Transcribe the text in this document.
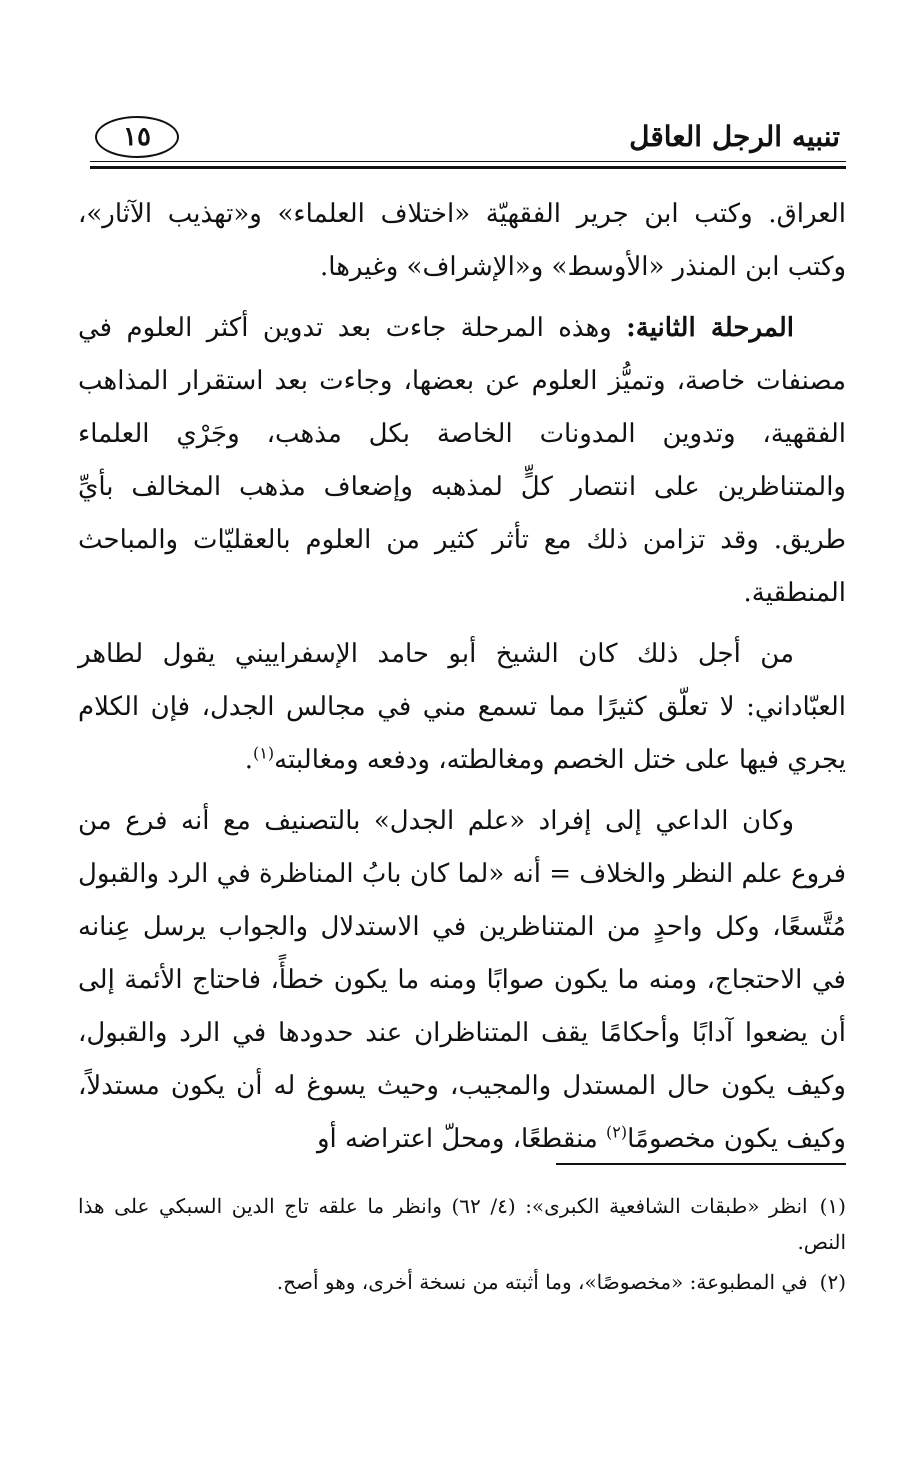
تنبيه الرجل العاقل
١٥

العراق. وكتب ابن جرير الفقهيّة «اختلاف العلماء» و«تهذيب الآثار»، وكتب ابن المنذر «الأوسط» و«الإشراف» وغيرها.

المرحلة الثانية: وهذه المرحلة جاءت بعد تدوين أكثر العلوم في مصنفات خاصة، وتميُّز العلوم عن بعضها، وجاءت بعد استقرار المذاهب الفقهية، وتدوين المدونات الخاصة بكل مذهب، وجَرْي العلماء والمتناظرين على انتصار كلٍّ لمذهبه وإضعاف مذهب المخالف بأيِّ طريق. وقد تزامن ذلك مع تأثر كثير من العلوم بالعقليّات والمباحث المنطقية.

من أجل ذلك كان الشيخ أبو حامد الإسفراييني يقول لطاهر العبّاداني: لا تعلّق كثيرًا مما تسمع مني في مجالس الجدل، فإن الكلام يجري فيها على ختل الخصم ومغالطته، ودفعه ومغالبته$^{(١)}$.

وكان الداعي إلى إفراد «علم الجدل» بالتصنيف مع أنه فرع من فروع علم النظر والخلاف = أنه «لما كان بابُ المناظرة في الرد والقبول مُتَّسعًا، وكل واحدٍ من المتناظرين في الاستدلال والجواب يرسل عِنانه في الاحتجاج، ومنه ما يكون صوابًا ومنه ما يكون خطأً، فاحتاج الأئمة إلى أن يضعوا آدابًا وأحكامًا يقف المتناظران عند حدودها في الرد والقبول، وكيف يكون حال المستدل والمجيب، وحيث يسوغ له أن يكون مستدلاً، وكيف يكون مخصومًا$^{(٢)}$ منقطعًا، ومحلّ اعتراضه أو

(١)انظر «طبقات الشافعية الكبرى»: (٤/ ٦٢) وانظر ما علقه تاج الدين السبكي على هذا النص.

(٢)في المطبوعة: «مخصوصًا»، وما أثبته من نسخة أخرى، وهو أصح.
